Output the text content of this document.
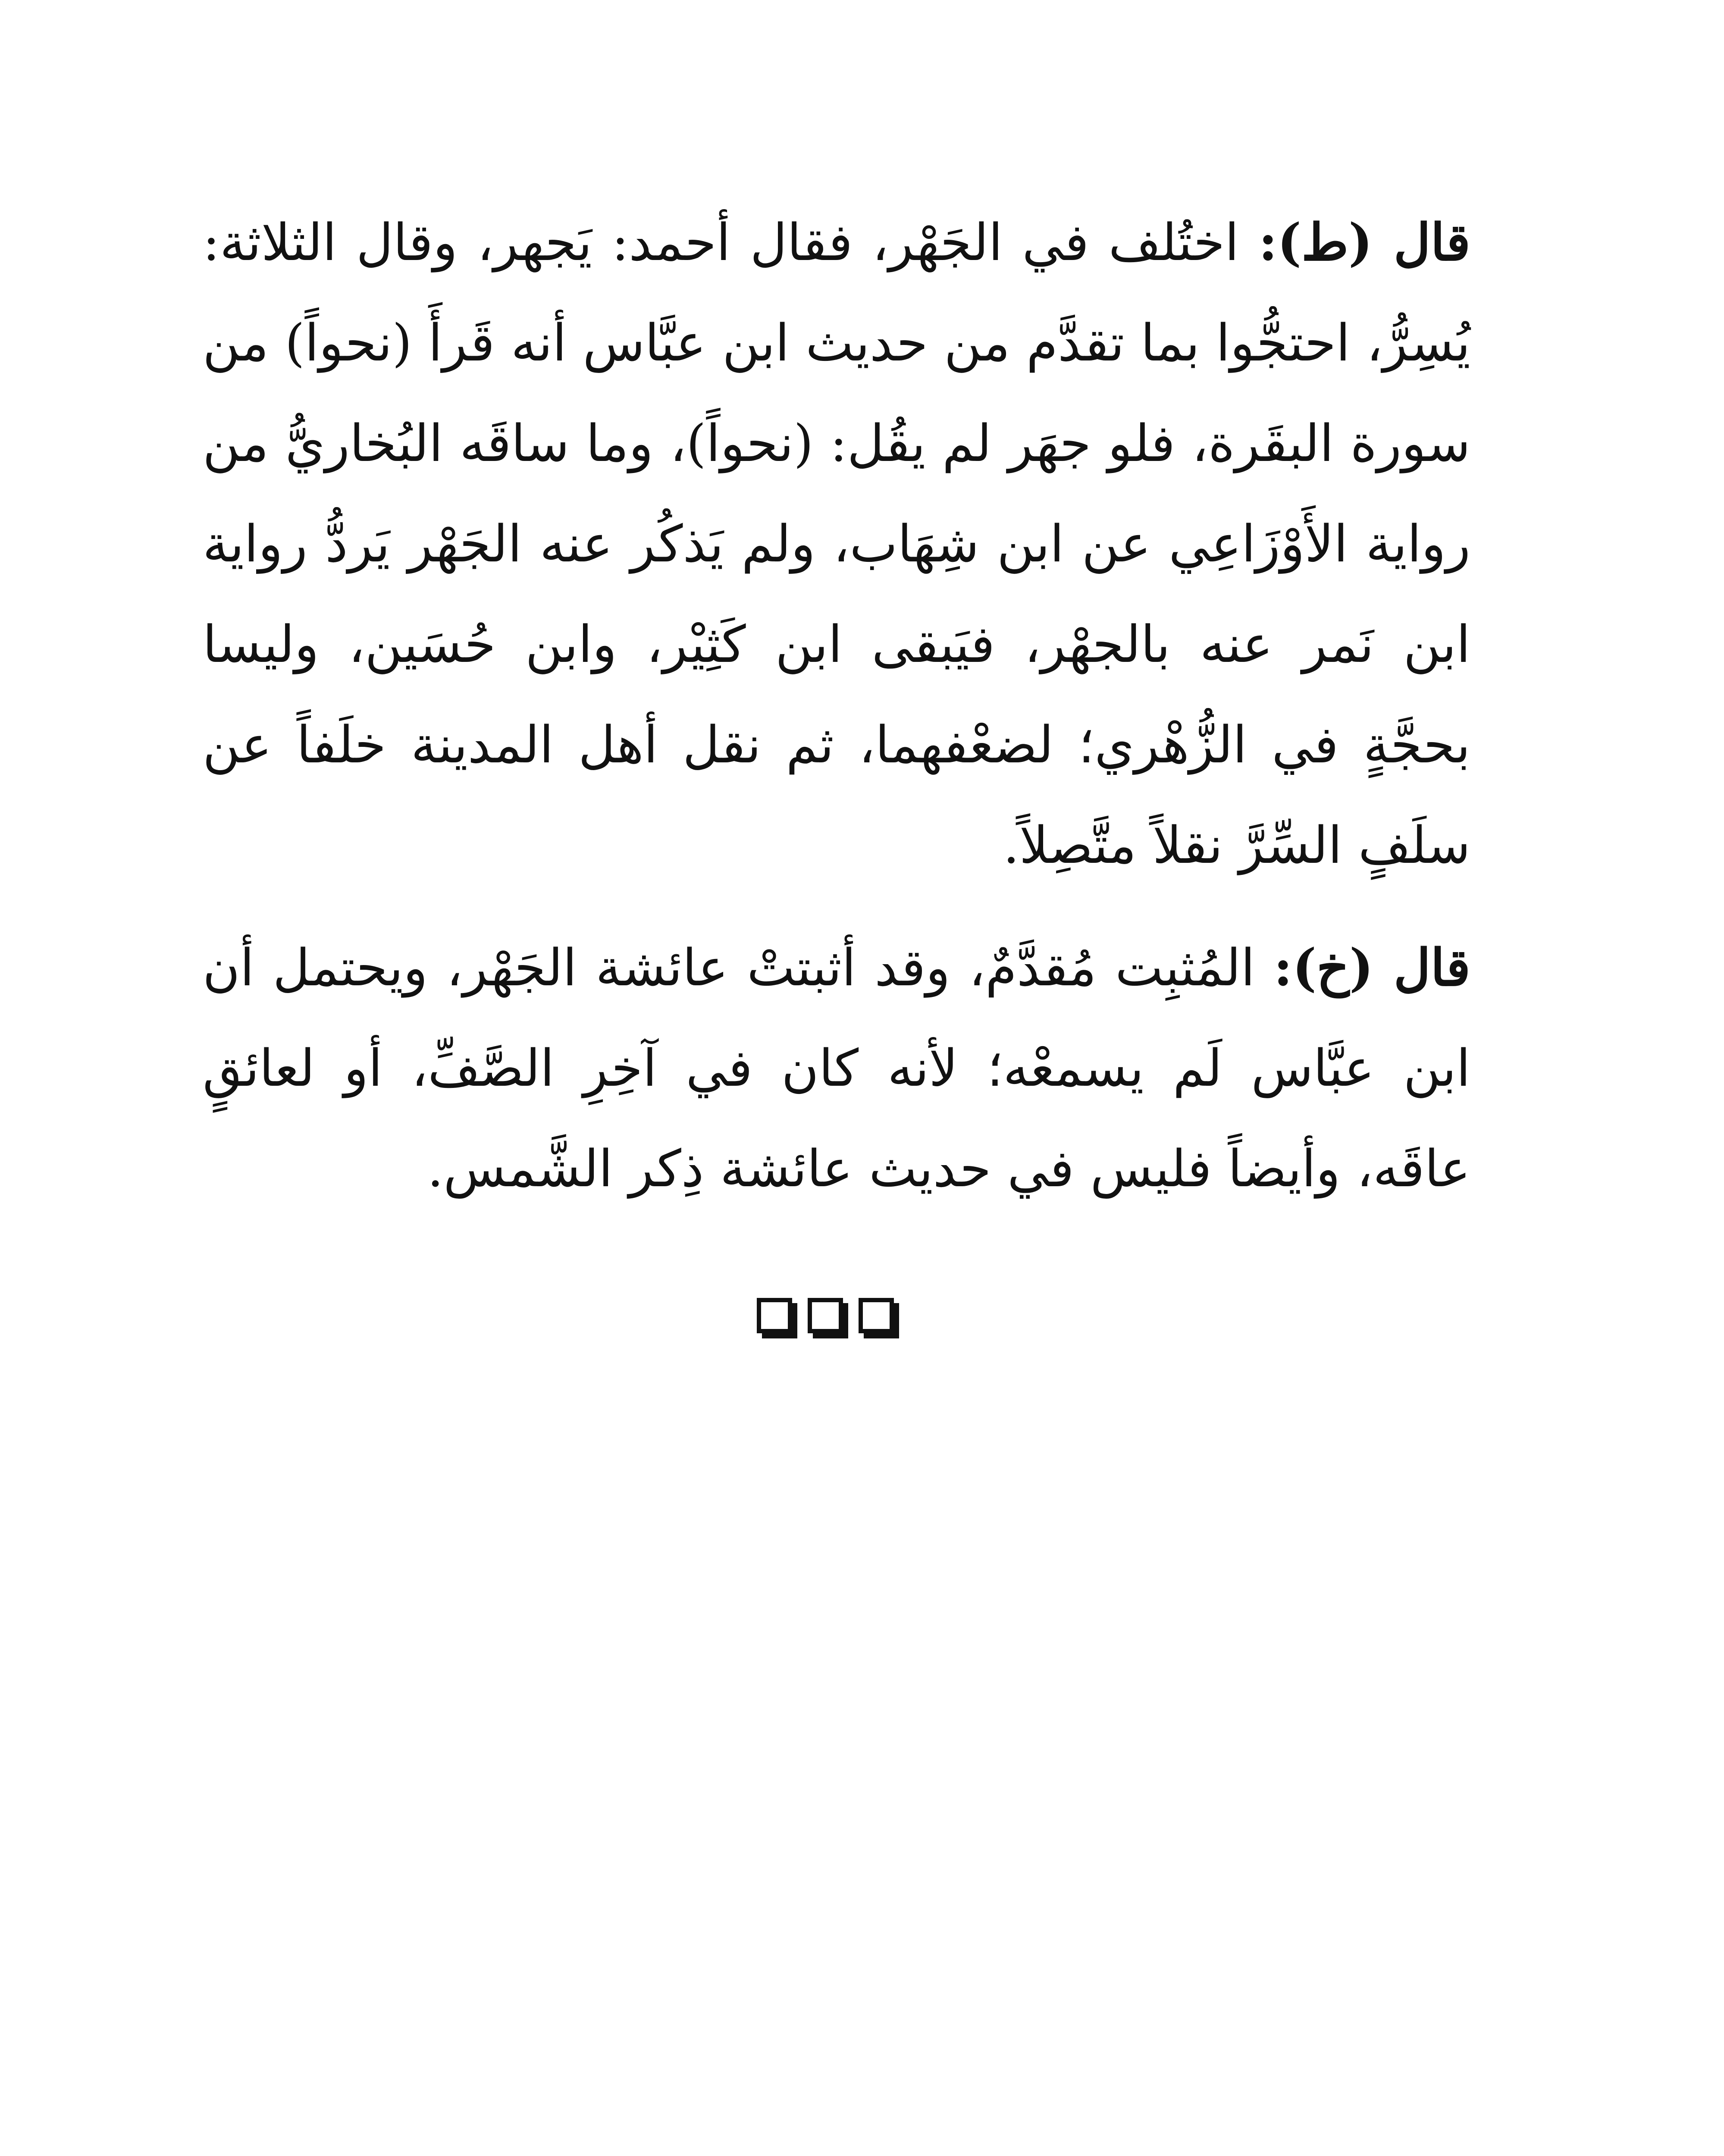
قال (ط): اختُلف في الجَهْر، فقال أحمد: يَجهر، وقال الثلاثة: يُسِرُّ، احتجُّوا بما تقدَّم من حديث ابن عبَّاس أنه قَرأَ (نحواً) من سورة البقَرة، فلو جهَر لم يقُل: (نحواً)، وما ساقَه البُخاريُّ من رواية الأَوْزَاعِي عن ابن شِهَاب، ولم يَذكُر عنه الجَهْر يَردُّ رواية ابن نَمر عنه بالجهْر، فيَبقى ابن كَثِيْر، وابن حُسَين، وليسا بحجَّةٍ في الزُّهْري؛ لضعْفهما، ثم نقل أهل المدينة خلَفاً عن سلَفٍ السِّرَّ نقلاً متَّصِلاً.

قال (خ): المُثبِت مُقدَّمٌ، وقد أثبتتْ عائشة الجَهْر، ويحتمل أن ابن عبَّاس لَم يسمعْه؛ لأنه كان في آخِرِ الصَّفِّ، أو لعائقٍ عاقَه، وأيضاً فليس في حديث عائشة ذِكر الشَّمس.
